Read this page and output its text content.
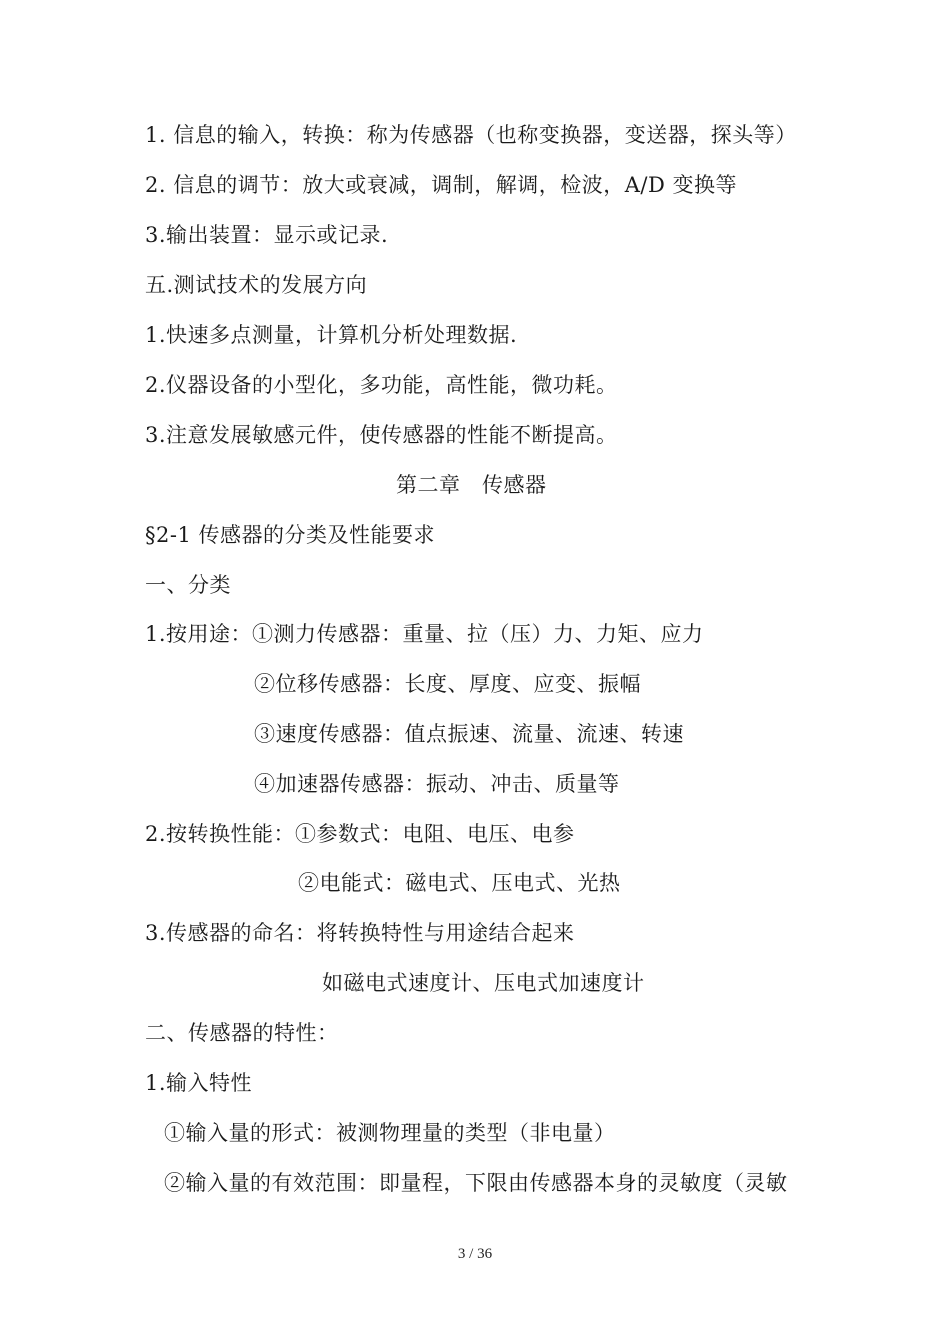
1. 信息的输入，转换：称为传感器（也称变换器，变送器，探头等）
2. 信息的调节：放大或衰减，调制，解调，检波，A/D 变换等
3.输出装置：显示或记录.
五.测试技术的发展方向
1.快速多点测量，计算机分析处理数据.
2.仪器设备的小型化，多功能，高性能，微功耗。
3.注意发展敏感元件，使传感器的性能不断提高。
第二章　传感器
§2-1 传感器的分类及性能要求
一、分类
1.按用途：①测力传感器：重量、拉（压）力、力矩、应力
②位移传感器：长度、厚度、应变、振幅
③速度传感器：值点振速、流量、流速、转速
④加速器传感器：振动、冲击、质量等
2.按转换性能：①参数式：电阻、电压、电参
②电能式：磁电式、压电式、光热
3.传感器的命名：将转换特性与用途结合起来
如磁电式速度计、压电式加速度计
二、传感器的特性：
1.输入特性
①输入量的形式：被测物理量的类型（非电量）
②输入量的有效范围：即量程，下限由传感器本身的灵敏度（灵敏
3 / 36
